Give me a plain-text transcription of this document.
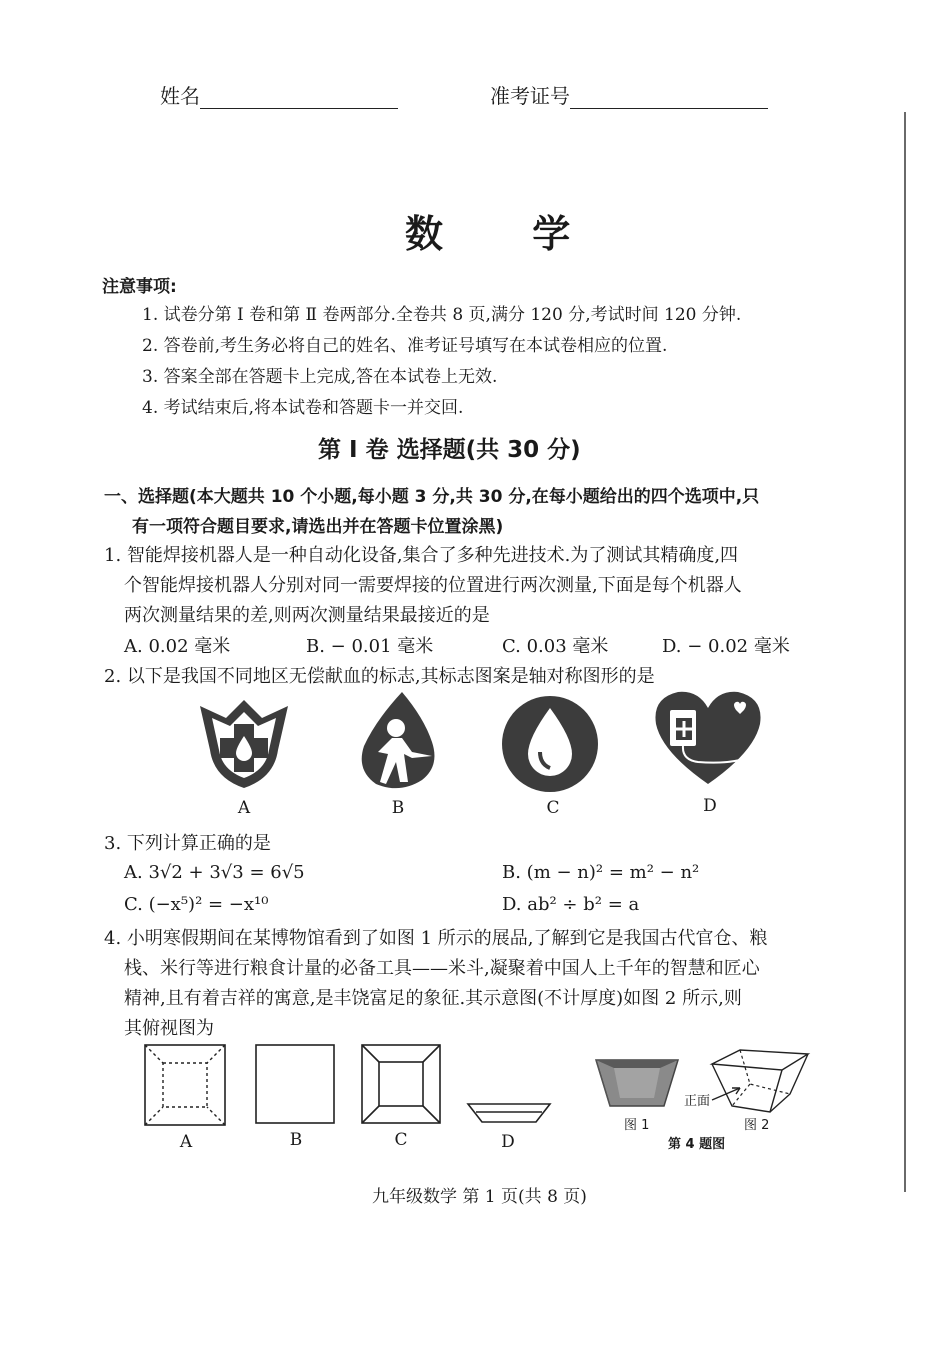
姓名	准考证号
数 学
注意事项:
1. 试卷分第 Ⅰ 卷和第 Ⅱ 卷两部分.全卷共 8 页,满分 120 分,考试时间 120 分钟.
2. 答卷前,考生务必将自己的姓名、准考证号填写在本试卷相应的位置.
3. 答案全部在答题卡上完成,答在本试卷上无效.
4. 考试结束后,将本试卷和答题卡一并交回.
第 Ⅰ 卷 选择题(共 30 分)
一、选择题(本大题共 10 个小题,每小题 3 分,共 30 分,在每小题给出的四个选项中,只
有一项符合题目要求,请选出并在答题卡位置涂黑)
1. 智能焊接机器人是一种自动化设备,集合了多种先进技术.为了测试其精确度,四
个智能焊接机器人分别对同一需要焊接的位置进行两次测量,下面是每个机器人
两次测量结果的差,则两次测量结果最接近的是
A. 0.02 毫米	B. − 0.01 毫米	C. 0.03 毫米	D. − 0.02 毫米
2. 以下是我国不同地区无偿献血的标志,其标志图案是轴对称图形的是
A	B	C	D
3. 下列计算正确的是
A. 3√2 + 3√3 = 6√5	B. (m − n)² = m² − n²
C. (−x⁵)² = −x¹⁰	D. ab² ÷ b² = a
4. 小明寒假期间在某博物馆看到了如图 1 所示的展品,了解到它是我国古代官仓、粮
栈、米行等进行粮食计量的必备工具——米斗,凝聚着中国人上千年的智慧和匠心
精神,且有着吉祥的寓意,是丰饶富足的象征.其示意图(不计厚度)如图 2 所示,则
其俯视图为
A	B	C	D
图 1
正面
图 2
第 4 题图
九年级数学 第 1 页(共 8 页)
